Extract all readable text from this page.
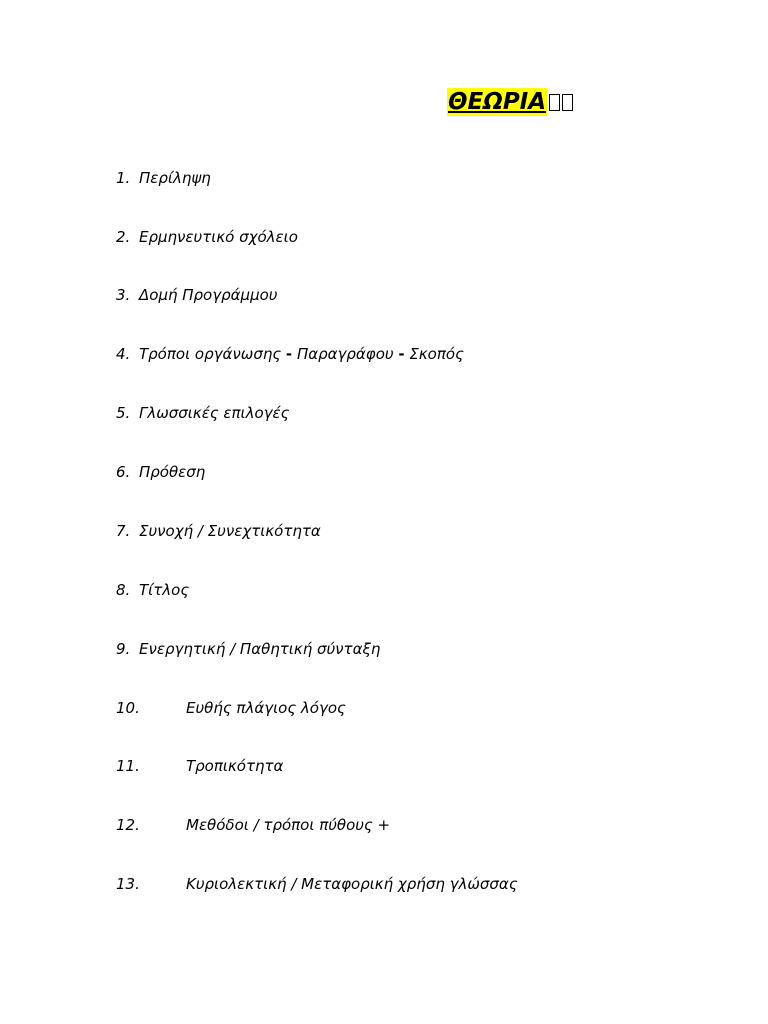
ΘΕΩΡΙΑ
1. Περίληψη
2. Ερμηνευτικό σχόλειο
3. Δομή Προγράμμου
4. Τρόποι οργάνωσης - Παραγράφου - Σκοπός
5. Γλωσσικές επιλογές
6. Πρόθεση
7. Συνοχή / Συνεχτικότητα
8. Τίτλος
9. Ενεργητική / Παθητική σύνταξη
10.	Ευθής πλάγιος λόγος
11.	Τροπικότητα
12.	Μεθόδοι / τρόποι πύθους +
13.	Κυριολεκτική / Μεταφορική χρήση γλώσσας
